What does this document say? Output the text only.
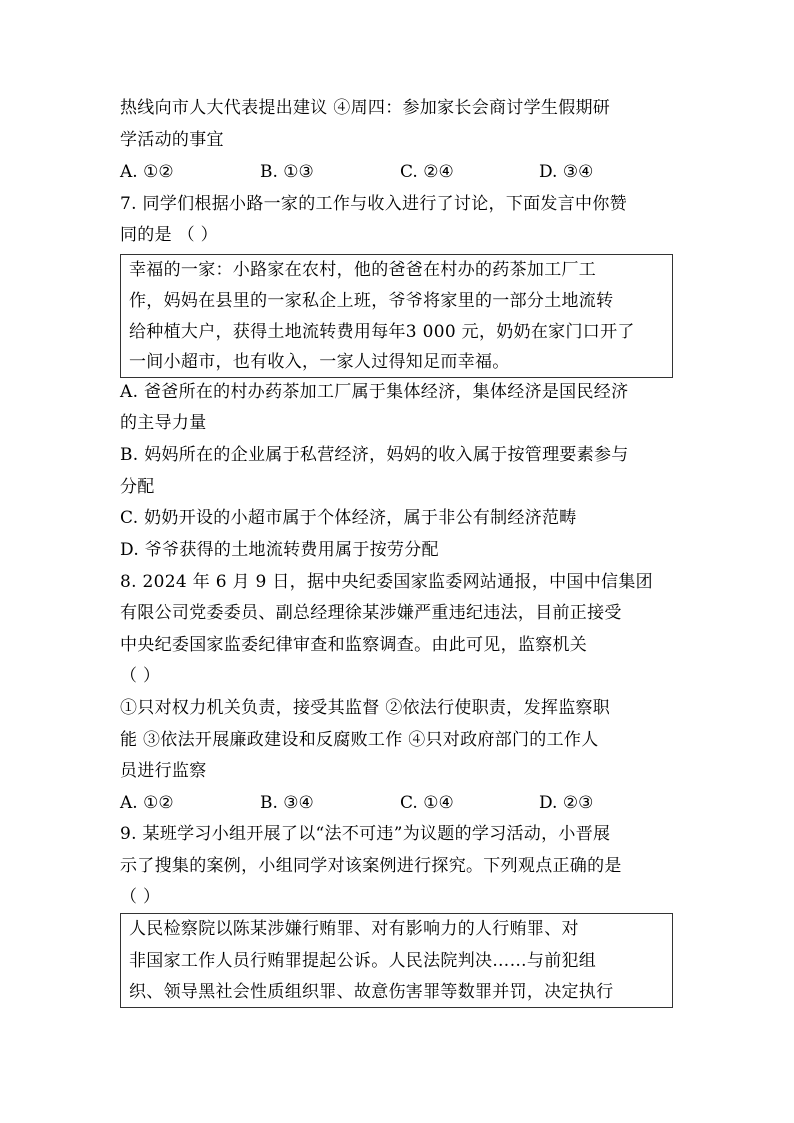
热线向市人大代表提出建议 ④周四：参加家长会商讨学生假期研
学活动的事宜
A. ①②	B. ①③	C. ②④	D. ③④
7. 同学们根据小路一家的工作与收入进行了讨论，下面发言中你赞
同的是 （ ）
幸福的一家：小路家在农村，他的爸爸在村办的药茶加工厂工
作，妈妈在县里的一家私企上班，爷爷将家里的一部分土地流转
给种植大户，获得土地流转费用每年3 000 元，奶奶在家门口开了
一间小超市，也有收入，一家人过得知足而幸福。
A. 爸爸所在的村办药茶加工厂属于集体经济，集体经济是国民经济
的主导力量
B. 妈妈所在的企业属于私营经济，妈妈的收入属于按管理要素参与
分配
C. 奶奶开设的小超市属于个体经济，属于非公有制经济范畴
D. 爷爷获得的土地流转费用属于按劳分配
8. 2024 年 6 月 9 日，据中央纪委国家监委网站通报，中国中信集团
有限公司党委委员、副总经理徐某涉嫌严重违纪违法，目前正接受
中央纪委国家监委纪律审查和监察调查。由此可见，监察机关
（ ）
①只对权力机关负责，接受其监督 ②依法行使职责，发挥监察职
能 ③依法开展廉政建设和反腐败工作 ④只对政府部门的工作人
员进行监察
A. ①②	B. ③④	C. ①④	D. ②③
9. 某班学习小组开展了以“法不可违”为议题的学习活动，小晋展
示了搜集的案例，小组同学对该案例进行探究。下列观点正确的是
（ ）
人民检察院以陈某涉嫌行贿罪、对有影响力的人行贿罪、对
非国家工作人员行贿罪提起公诉。人民法院判决……与前犯组
织、领导黑社会性质组织罪、故意伤害罪等数罪并罚，决定执行
